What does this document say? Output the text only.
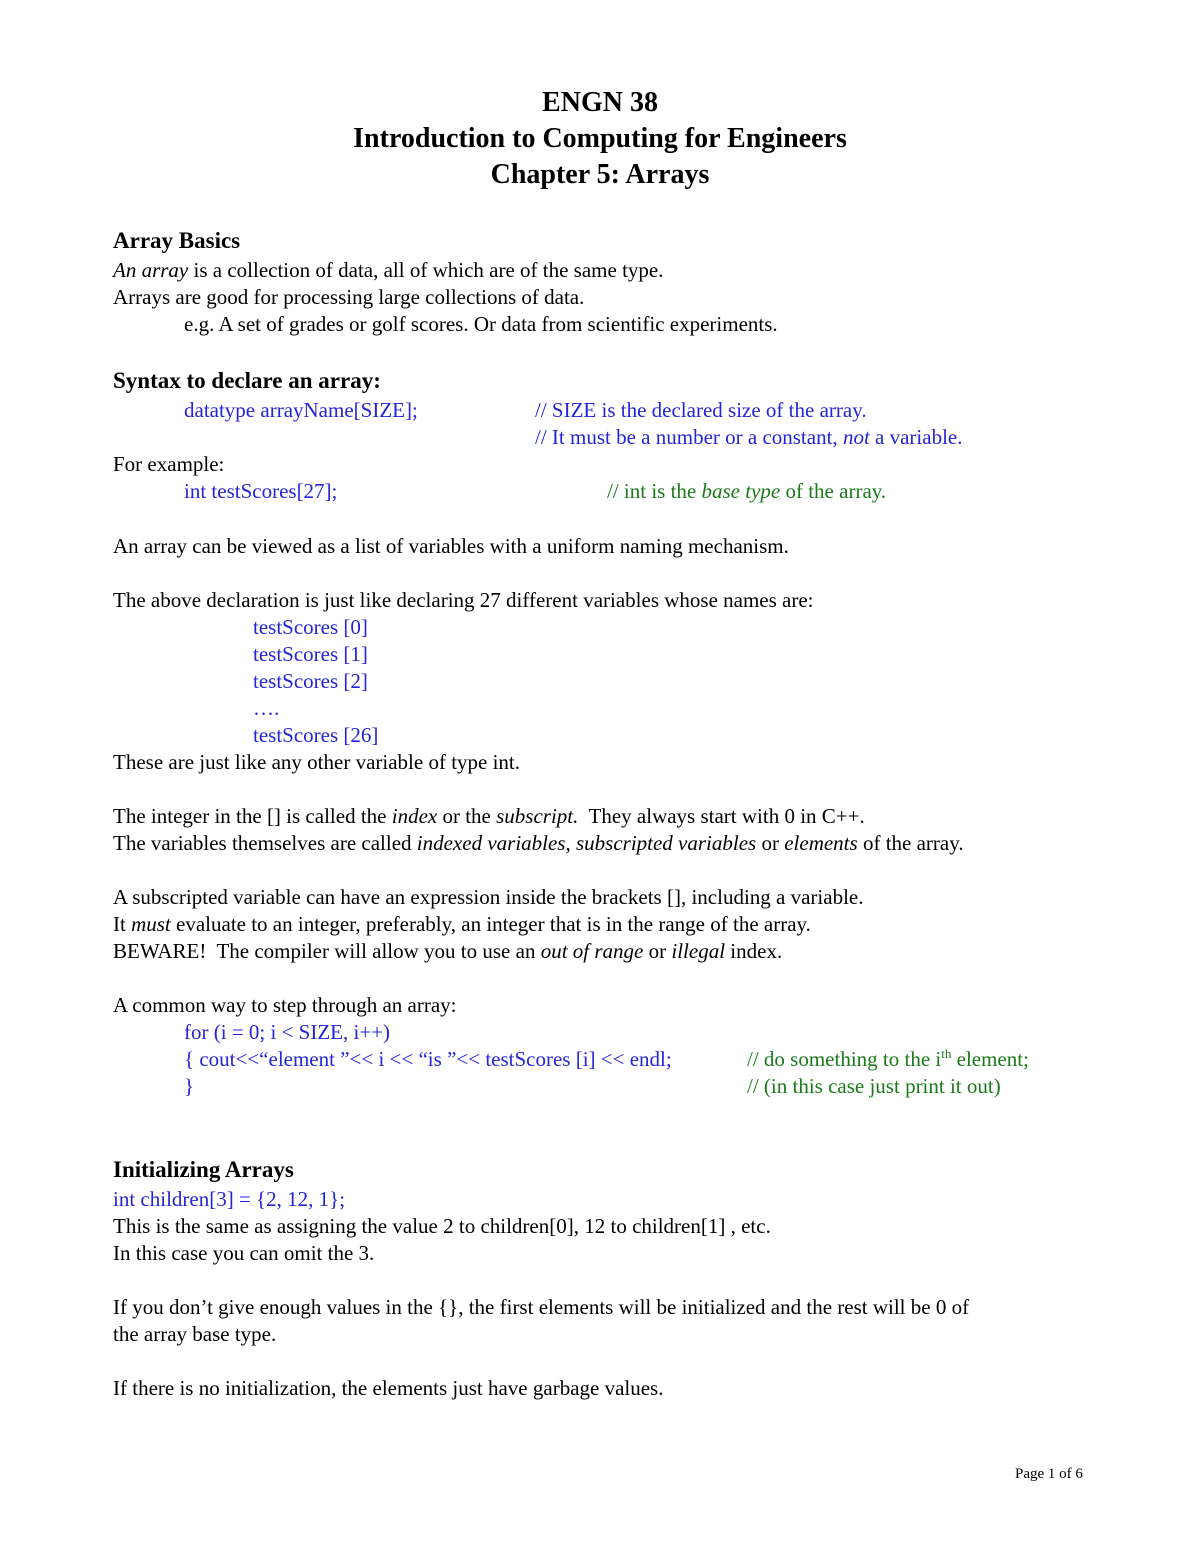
ENGN 38
Introduction to Computing for Engineers
Chapter 5: Arrays
Array Basics
An array is a collection of data, all of which are of the same type.
Arrays are good for processing large collections of data.
e.g. A set of grades or golf scores. Or data from scientific experiments.
Syntax to declare an array:
datatype arrayName[SIZE];	// SIZE is the declared size of the array.
// It must be a number or a constant, not a variable.
For example:
int testScores[27];	// int is the base type of the array.
An array can be viewed as a list of variables with a uniform naming mechanism.
The above declaration is just like declaring 27 different variables whose names are:
testScores [0]
testScores [1]
testScores [2]
….
testScores [26]
These are just like any other variable of type int.
The integer in the [] is called the index or the subscript.  They always start with 0 in C++.
The variables themselves are called indexed variables, subscripted variables or elements of the array.
A subscripted variable can have an expression inside the brackets [], including a variable.
It must evaluate to an integer, preferably, an integer that is in the range of the array.
BEWARE!  The compiler will allow you to use an out of range or illegal index.
A common way to step through an array:
for (i = 0; i < SIZE, i++)
{ cout<<“element ”<< i << “is ”<< testScores [i] << endl;	// do something to the $i^{th}$ element;
}	// (in this case just print it out)
Initializing Arrays
int children[3] = {2, 12, 1};
This is the same as assigning the value 2 to children[0], 12 to children[1] , etc.
In this case you can omit the 3.
If you don’t give enough values in the {}, the first elements will be initialized and the rest will be 0 of
the array base type.
If there is no initialization, the elements just have garbage values.
Page 1 of 6
